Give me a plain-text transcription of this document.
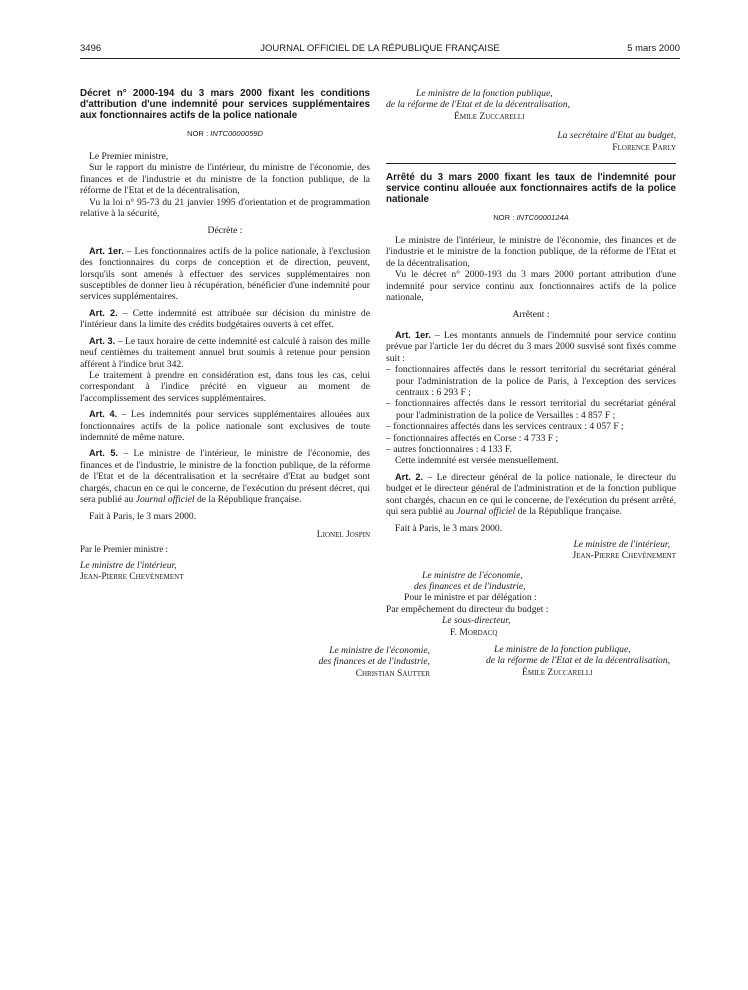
3496	JOURNAL OFFICIEL DE LA RÉPUBLIQUE FRANÇAISE	5 mars 2000

Décret n° 2000-194 du 3 mars 2000 fixant les conditions d'attribution d'une indemnité pour services supplémentaires aux fonctionnaires actifs de la police nationale

NOR : INTC0000059D

Le Premier ministre,

Sur le rapport du ministre de l'intérieur, du ministre de l'économie, des finances et de l'industrie et du ministre de la fonction publique, de la réforme de l'Etat et de la décentralisation,

Vu la loi n° 95-73 du 21 janvier 1995 d'orientation et de programmation relative à la sécurité,

Décrète :

Art. 1er. – Les fonctionnaires actifs de la police nationale, à l'exclusion des fonctionnaires du corps de conception et de direction, peuvent, lorsqu'ils sont amenés à effectuer des services supplémentaires non susceptibles de donner lieu à récupération, bénéficier d'une indemnité pour services supplémentaires.

Art. 2. – Cette indemnité est attribuée sur décision du ministre de l'intérieur dans la limite des crédits budgétaires ouverts à cet effet.

Art. 3. – Le taux horaire de cette indemnité est calculé à raison des mille neuf centièmes du traitement annuel brut soumis à retenue pour pension afférent à l'indice brut 342.

Le traitement à prendre en considération est, dans tous les cas, celui correspondant à l'indice précité en vigueur au moment de l'accomplissement des services supplémentaires.

Art. 4. – Les indemnités pour services supplémentaires allouées aux fonctionnaires actifs de la police nationale sont exclusives de toute indemnité de même nature.

Art. 5. – Le ministre de l'intérieur, le ministre de l'économie, des finances et de l'industrie, le ministre de la fonction publique, de la réforme de l'Etat et de la décentralisation et la secrétaire d'Etat au budget sont chargés, chacun en ce qui le concerne, de l'exécution du présent décret, qui sera publié au Journal officiel de la République française.

Fait à Paris, le 3 mars 2000.

Lionel Jospin

Par le Premier ministre :

Le ministre de l'intérieur,

Jean-Pierre Chevènement

Le ministre de l'économie,

des finances et de l'industrie,

Christian Sautter

Le ministre de la fonction publique,

de la réforme de l'Etat et de la décentralisation,

Émile Zuccarelli

La secrétaire d'Etat au budget,

Florence Parly

Arrêté du 3 mars 2000 fixant les taux de l'indemnité pour service continu allouée aux fonctionnaires actifs de la police nationale

NOR : INTC0000124A

Le ministre de l'intérieur, le ministre de l'économie, des finances et de l'industrie et le ministre de la fonction publique, de la réforme de l'Etat et de la décentralisation,

Vu le décret n° 2000-193 du 3 mars 2000 portant attribution d'une indemnité pour service continu aux fonctionnaires actifs de la police nationale,

Arrêtent :

Art. 1er. – Les montants annuels de l'indemnité pour service continu prévue par l'article 1er du décret du 3 mars 2000 susvisé sont fixés comme suit :

– fonctionnaires affectés dans le ressort territorial du secrétariat général pour l'administration de la police de Paris, à l'exception des services centraux : 6 293 F ;

– fonctionnaires affectés dans le ressort territorial du secrétariat général pour l'administration de la police de Versailles : 4 857 F ;

– fonctionnaires affectés dans les services centraux : 4 057 F ;

– fonctionnaires affectés en Corse : 4 733 F ;

– autres fonctionnaires : 4 133 F.

Cette indemnité est versée mensuellement.

Art. 2. – Le directeur général de la police nationale, le directeur du budget et le directeur général de l'administration et de la fonction publique sont chargés, chacun en ce qui le concerne, de l'exécution du présent arrêté, qui sera publié au Journal officiel de la République française.

Fait à Paris, le 3 mars 2000.

Le ministre de l'intérieur,

Jean-Pierre Chevènement

Le ministre de l'économie,

des finances et de l'industrie,

Pour le ministre et par délégation :

Par empêchement du directeur du budget :

Le sous-directeur,

F. Mordacq

Le ministre de la fonction publique,

de la réforme de l'Etat et de la décentralisation,

Émile Zuccarelli
